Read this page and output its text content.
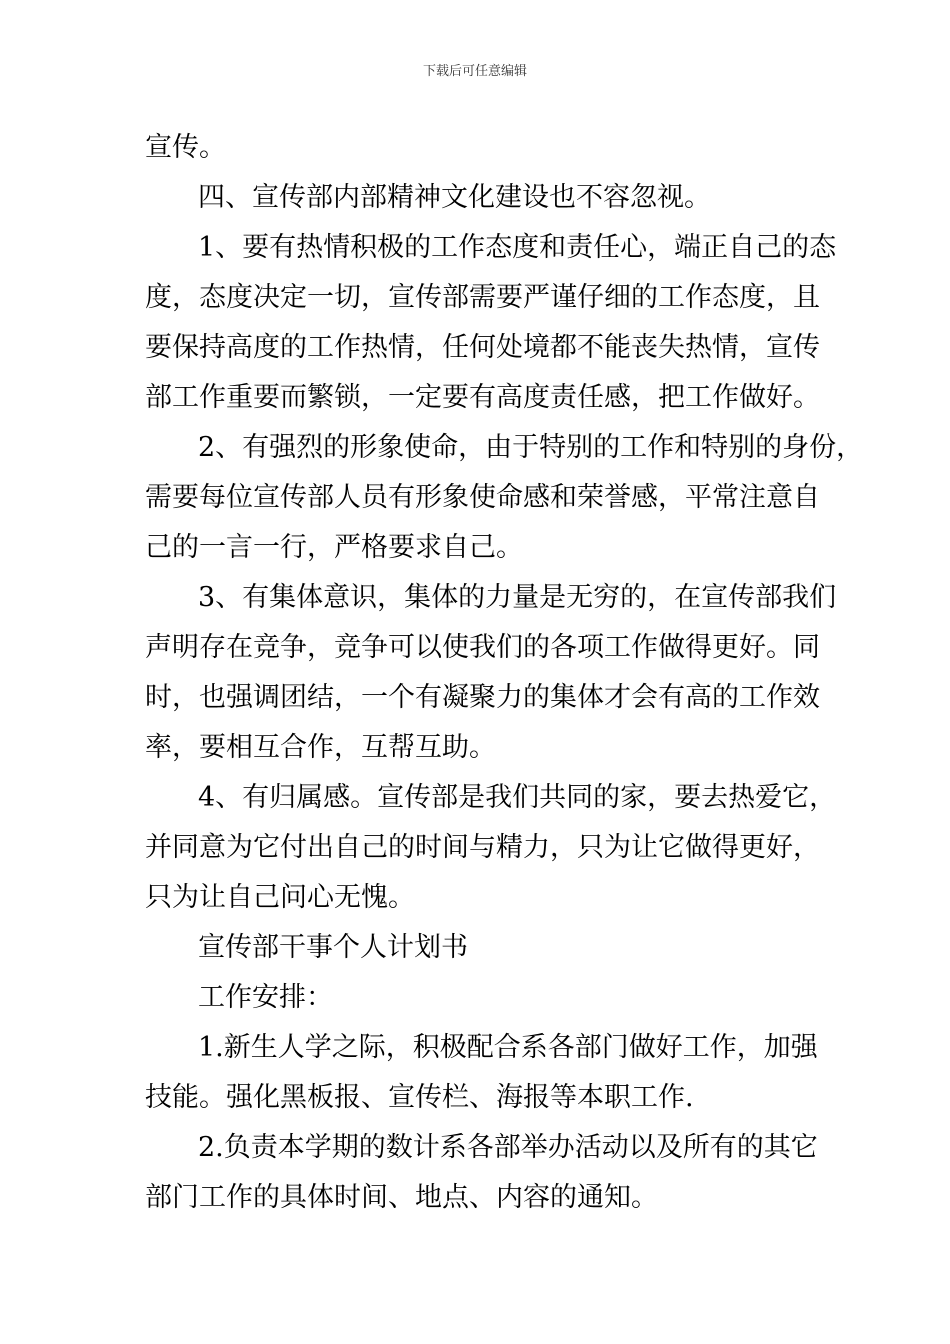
下载后可任意编辑
宣传。
四、宣传部内部精神文化建设也不容忽视。
1、要有热情积极的工作态度和责任心，端正自己的态
度，态度决定一切，宣传部需要严谨仔细的工作态度，且
要保持高度的工作热情，任何处境都不能丧失热情，宣传
部工作重要而繁锁，一定要有高度责任感，把工作做好。
2、有强烈的形象使命，由于特别的工作和特别的身份，
需要每位宣传部人员有形象使命感和荣誉感，平常注意自
己的一言一行，严格要求自己。
3、有集体意识，集体的力量是无穷的，在宣传部我们
声明存在竞争，竞争可以使我们的各项工作做得更好。同
时，也强调团结，一个有凝聚力的集体才会有高的工作效
率，要相互合作，互帮互助。
4、有归属感。宣传部是我们共同的家，要去热爱它，
并同意为它付出自己的时间与精力，只为让它做得更好，
只为让自己问心无愧。
宣传部干事个人计划书
工作安排：
1.新生人学之际，积极配合系各部门做好工作，加强
技能。强化黑板报、宣传栏、海报等本职工作.
2.负责本学期的数计系各部举办活动以及所有的其它
部门工作的具体时间、地点、内容的通知。
